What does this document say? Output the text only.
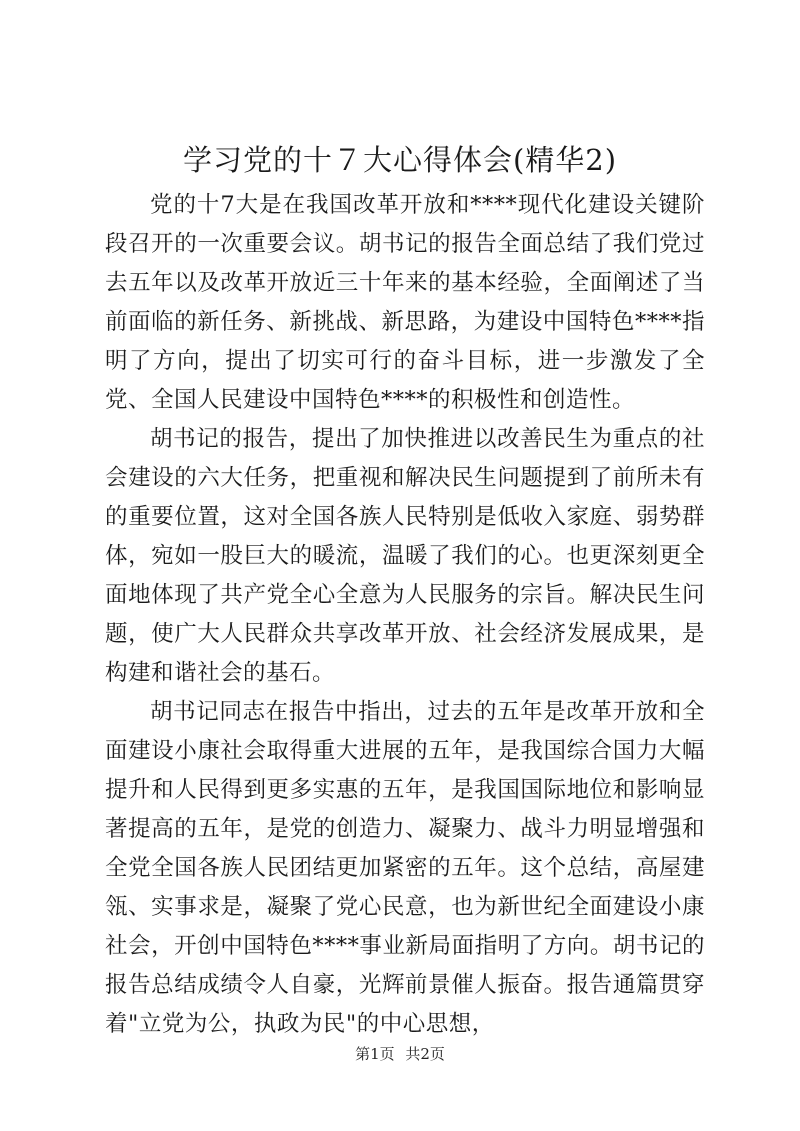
学习党的十７大心得体会(精华2)

党的十7大是在我国改革开放和****现代化建设关键阶段召开的一次重要会议。胡书记的报告全面总结了我们党过去五年以及改革开放近三十年来的基本经验，全面阐述了当前面临的新任务、新挑战、新思路，为建设中国特色****指明了方向，提出了切实可行的奋斗目标，进一步激发了全党、全国人民建设中国特色****的积极性和创造性。

胡书记的报告，提出了加快推进以改善民生为重点的社会建设的六大任务，把重视和解决民生问题提到了前所未有的重要位置，这对全国各族人民特别是低收入家庭、弱势群体，宛如一股巨大的暖流，温暖了我们的心。也更深刻更全面地体现了共产党全心全意为人民服务的宗旨。解决民生问题，使广大人民群众共享改革开放、社会经济发展成果，是构建和谐社会的基石。

胡书记同志在报告中指出，过去的五年是改革开放和全面建设小康社会取得重大进展的五年，是我国综合国力大幅提升和人民得到更多实惠的五年，是我国国际地位和影响显著提高的五年，是党的创造力、凝聚力、战斗力明显增强和全党全国各族人民团结更加紧密的五年。这个总结，高屋建瓴、实事求是，凝聚了党心民意，也为新世纪全面建设小康社会，开创中国特色****事业新局面指明了方向。胡书记的报告总结成绩令人自豪，光辉前景催人振奋。报告通篇贯穿着"立党为公，执政为民"的中心思想，

第1页 共2页
